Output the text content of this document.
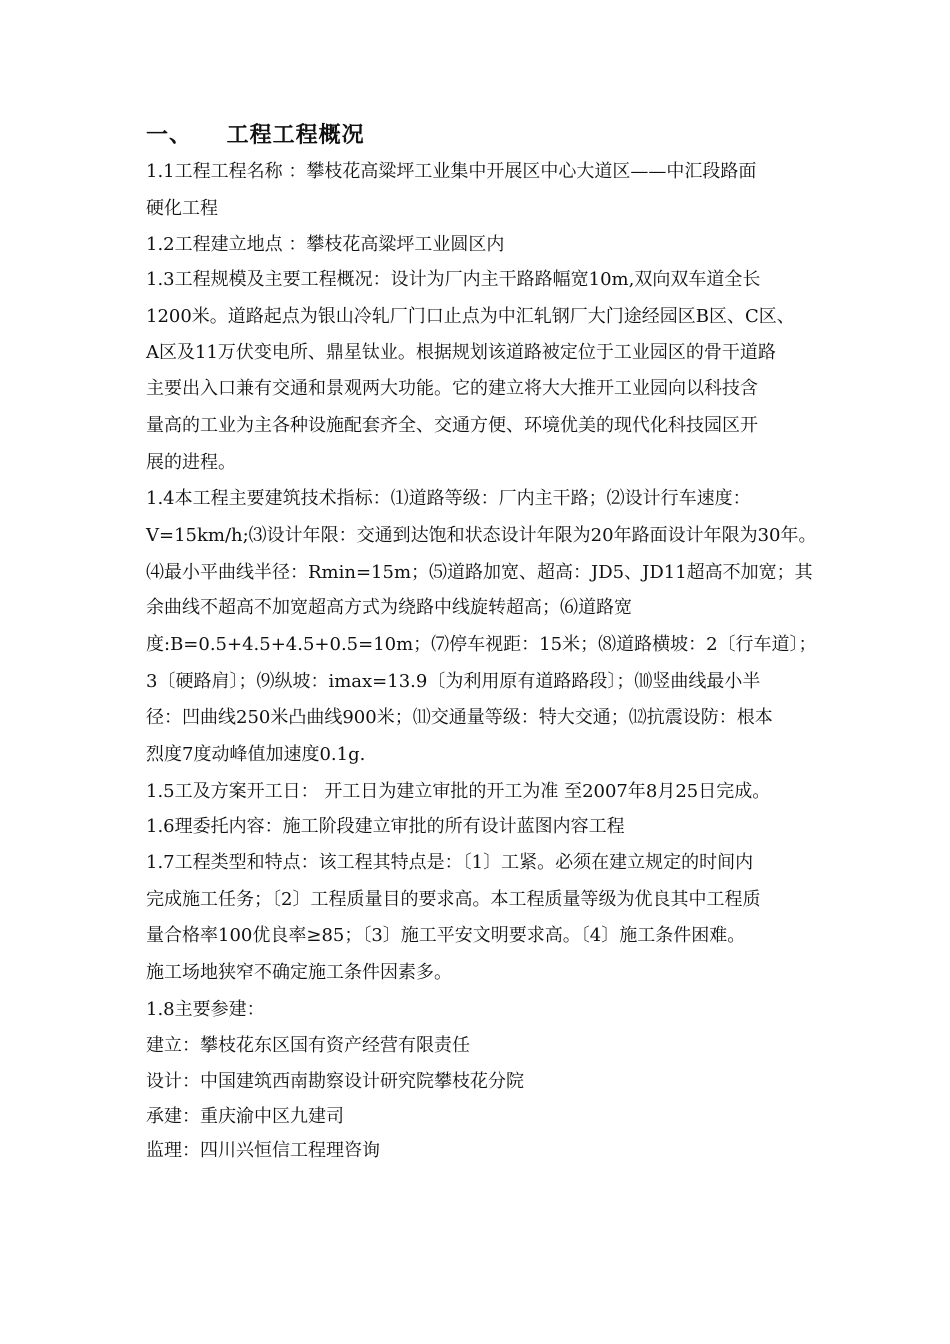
一、    工程工程概况
1.1工程工程名称 ：攀枝花高粱坪工业集中开展区中心大道区——中汇段路面
硬化工程
1.2工程建立地点 ：攀枝花高粱坪工业圆区内
1.3工程规模及主要工程概况：设计为厂内主干路路幅宽10m,双向双车道全长
1200米。道路起点为银山冷轧厂门口止点为中汇轧钢厂大门途经园区B区、C区、
A区及11万伏变电所、鼎星钛业。根据规划该道路被定位于工业园区的骨干道路
主要出入口兼有交通和景观两大功能。它的建立将大大推开工业园向以科技含
量高的工业为主各种设施配套齐全、交通方便、环境优美的现代化科技园区开
展的进程。
1.4本工程主要建筑技术指标：⑴道路等级：厂内主干路；⑵设计行车速度：
V=15km/h;⑶设计年限：交通到达饱和状态设计年限为20年路面设计年限为30年。
⑷最小平曲线半径：Rmin=15m；⑸道路加宽、超高：JD5、JD11超高不加宽；其
余曲线不超高不加宽超高方式为绕路中线旋转超高；⑹道路宽
度:B=0.5+4.5+4.5+0.5=10m；⑺停车视距：15米；⑻道路横坡：2〔行车道〕；
3〔硬路肩〕；⑼纵坡：imax=13.9〔为利用原有道路路段〕；⑽竖曲线最小半
径：凹曲线250米凸曲线900米；⑾交通量等级：特大交通；⑿抗震设防：根本
烈度7度动峰值加速度0.1g.
1.5工及方案开工日： 开工日为建立审批的开工为准 至2007年8月25日完成。
1.6理委托内容：施工阶段建立审批的所有设计蓝图内容工程
1.7工程类型和特点：该工程其特点是：〔1〕工紧。必须在建立规定的时间内
完成施工任务；〔2〕工程质量目的要求高。本工程质量等级为优良其中工程质
量合格率100优良率≥85；〔3〕施工平安文明要求高。〔4〕施工条件困难。
施工场地狭窄不确定施工条件因素多。
1.8主要参建：
建立：攀枝花东区国有资产经营有限责任
设计：中国建筑西南勘察设计研究院攀枝花分院
承建：重庆渝中区九建司
监理：四川兴恒信工程理咨询
